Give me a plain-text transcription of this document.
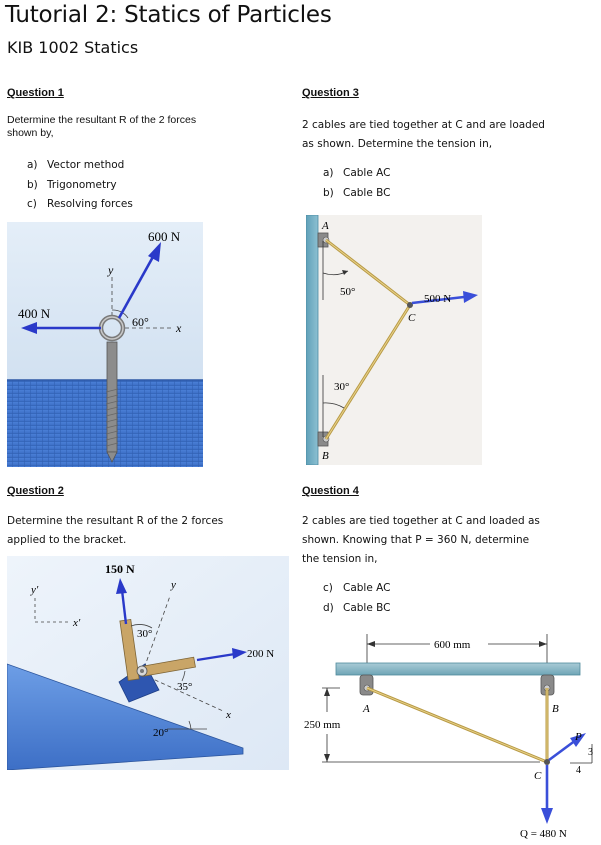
Tutorial 2: Statics of Particles
KIB 1002 Statics
Question 1
Determine the resultant R of the 2 forces
shown by,
a) Vector method
b) Trigonometry
c) Resolving forces
y
x
60°
600 N
400 N
Question 2
Determine the resultant R of the 2 forces applied to the bracket.
y′
x′
y
x
20°
30°
35°
150 N
200 N
Question 3
2 cables are tied together at C and are loaded
as shown. Determine the tension in,
a) Cable AC
b) Cable BC
A
B
C
50°
30°
500 N
Question 4
2 cables are tied together at C and loaded as
shown. Knowing that P = 360 N, determine
the tension in,
c) Cable AC
d) Cable BC
600 mm
A	B
250 mm
C
P
3
4
Q = 480 N
